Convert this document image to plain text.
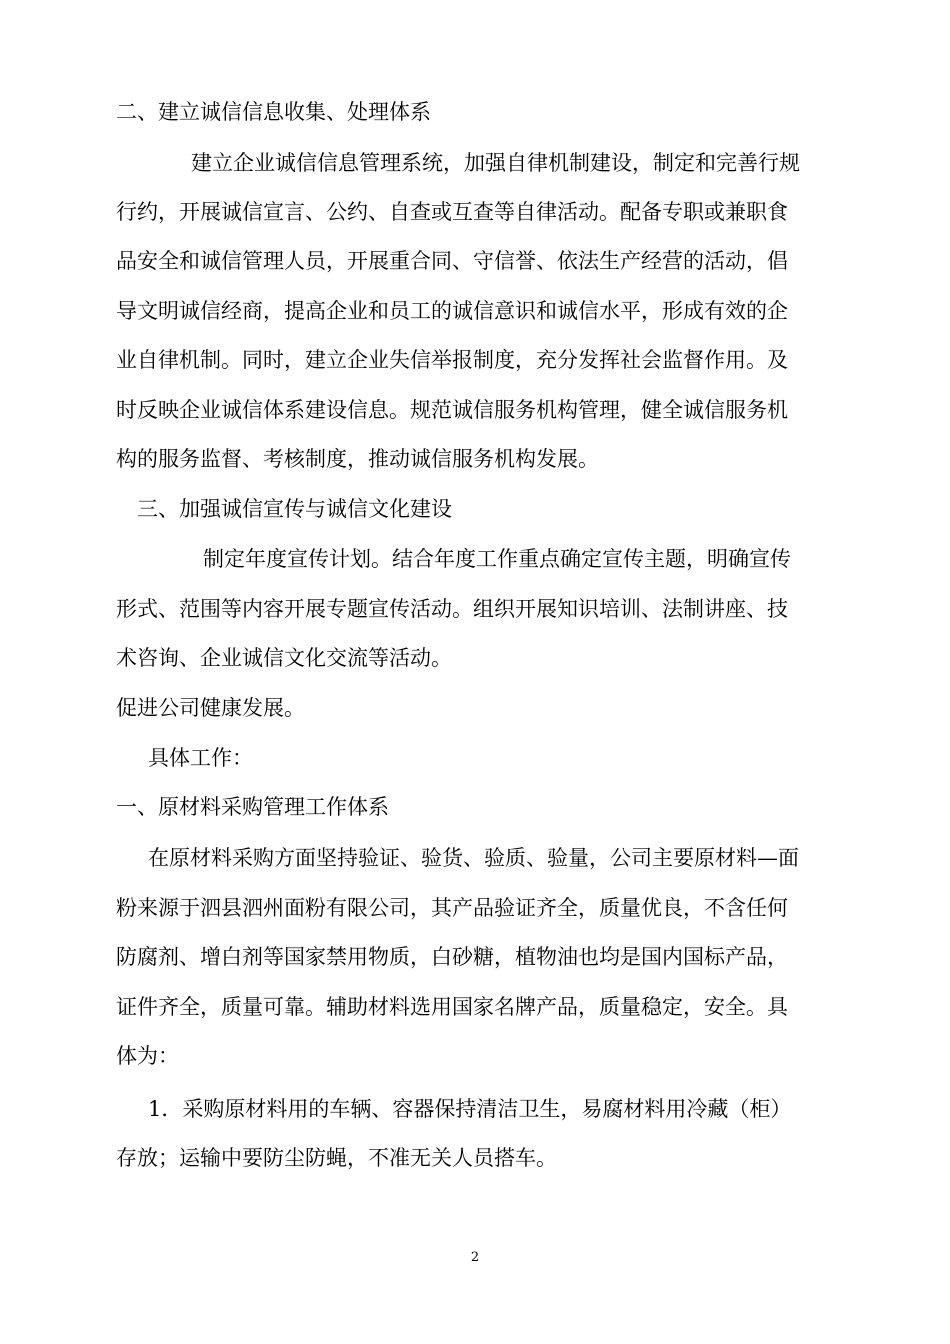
二、建立诚信信息收集、处理体系
建立企业诚信信息管理系统，加强自律机制建设，制定和完善行规
行约，开展诚信宣言、公约、自查或互查等自律活动。配备专职或兼职食
品安全和诚信管理人员，开展重合同、守信誉、依法生产经营的活动，倡
导文明诚信经商，提高企业和员工的诚信意识和诚信水平，形成有效的企
业自律机制。同时，建立企业失信举报制度，充分发挥社会监督作用。及
时反映企业诚信体系建设信息。规范诚信服务机构管理，健全诚信服务机
构的服务监督、考核制度，推动诚信服务机构发展。
三、加强诚信宣传与诚信文化建设
制定年度宣传计划。结合年度工作重点确定宣传主题，明确宣传
形式、范围等内容开展专题宣传活动。组织开展知识培训、法制讲座、技
术咨询、企业诚信文化交流等活动。
促进公司健康发展。
具体工作：
一、原材料采购管理工作体系
在原材料采购方面坚持验证、验货、验质、验量，公司主要原材料—面
粉来源于泗县泗州面粉有限公司，其产品验证齐全，质量优良，不含任何
防腐剂、增白剂等国家禁用物质，白砂糖，植物油也均是国内国标产品，
证件齐全，质量可靠。辅助材料选用国家名牌产品，质量稳定，安全。具
体为：
1．采购原材料用的车辆、容器保持清洁卫生，易腐材料用冷藏（柜）
存放；运输中要防尘防蝇，不准无关人员搭车。
2
